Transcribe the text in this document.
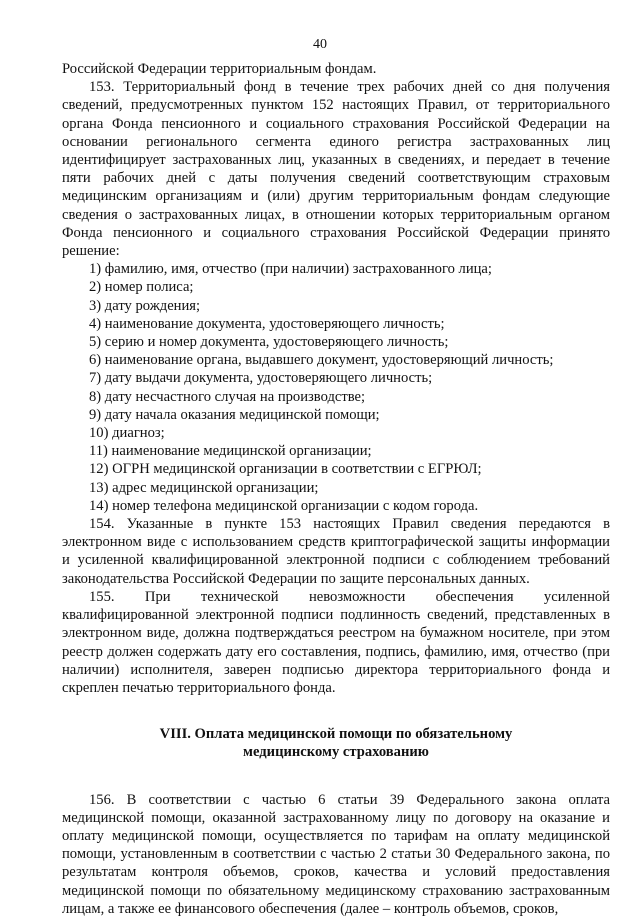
40

Российской Федерации территориальным фондам.

153. Территориальный фонд в течение трех рабочих дней со дня получения сведений, предусмотренных пунктом 152 настоящих Правил, от территориального органа Фонда пенсионного и социального страхования Российской Федерации на основании регионального сегмента единого регистра застрахованных лиц идентифицирует застрахованных лиц, указанных в сведениях, и передает в течение пяти рабочих дней с даты получения сведений соответствующим страховым медицинским организациям и (или) другим территориальным фондам следующие сведения о застрахованных лицах, в отношении которых территориальным органом Фонда пенсионного и социального страхования Российской Федерации принято решение:

1) фамилию, имя, отчество (при наличии) застрахованного лица;

2) номер полиса;

3) дату рождения;

4) наименование документа, удостоверяющего личность;

5) серию и номер документа, удостоверяющего личность;

6) наименование органа, выдавшего документ, удостоверяющий личность;

7) дату выдачи документа, удостоверяющего личность;

8) дату несчастного случая на производстве;

9) дату начала оказания медицинской помощи;

10) диагноз;

11) наименование медицинской организации;

12) ОГРН медицинской организации в соответствии с ЕГРЮЛ;

13) адрес медицинской организации;

14) номер телефона медицинской организации с кодом города.

154. Указанные в пункте 153 настоящих Правил сведения передаются в электронном виде с использованием средств криптографической защиты информации и усиленной квалифицированной электронной подписи с соблюдением требований законодательства Российской Федерации по защите персональных данных.

155. При технической невозможности обеспечения усиленной

квалифицированной электронной подписи подлинность сведений, представленных в электронном виде, должна подтверждаться реестром на бумажном носителе, при этом реестр должен содержать дату его составления, подпись, фамилию, имя, отчество (при наличии) исполнителя, заверен подписью директора территориального фонда и скреплен печатью территориального фонда.

VIII. Оплата медицинской помощи по обязательному
медицинскому страхованию

156. В соответствии с частью 6 статьи 39 Федерального закона оплата медицинской помощи, оказанной застрахованному лицу по договору на оказание и оплату медицинской помощи, осуществляется по тарифам на оплату медицинской помощи, установленным в соответствии с частью 2 статьи 30 Федерального закона, по результатам контроля объемов, сроков, качества и условий предоставления медицинской помощи по обязательному медицинскому страхованию застрахованным лицам, а также ее финансового обеспечения (далее – контроль объемов, сроков,
